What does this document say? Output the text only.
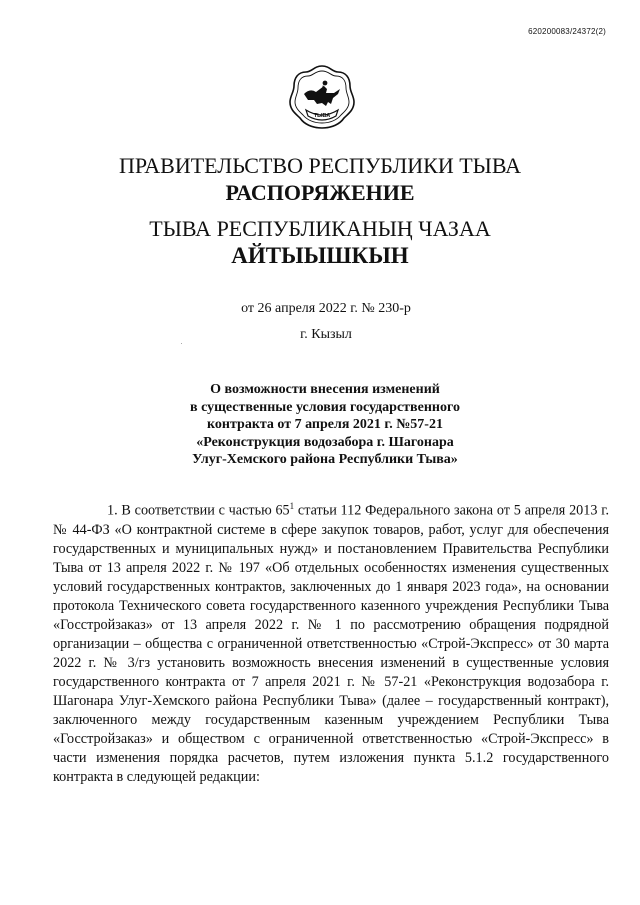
620200083/24372(2)
ТЫВА
ПРАВИТЕЛЬСТВО РЕСПУБЛИКИ ТЫВА
РАСПОРЯЖЕНИЕ
ТЫВА РЕСПУБЛИКАНЫҢ ЧАЗАА
АЙТЫЫШКЫН
от 26 апреля 2022 г. № 230-р
г. Кызыл
О возможности внесения изменений
в существенные условия государственного
контракта от 7 апреля 2021 г. №57-21
«Реконструкция водозабора г. Шагонара
Улуг-Хемского района Республики Тыва»

1. В соответствии с частью $65^1$ статьи 112 Федерального закона от 5 апреля 2013 г. № 44-ФЗ «О контрактной системе в сфере закупок товаров, работ, услуг для обеспечения государственных и муниципальных нужд» и постановлением Правительства Республики Тыва от 13 апреля 2022 г. № 197 «Об отдельных особенностях изменения существенных условий государственных контрактов, заключенных до 1 января 2023 года», на основании протокола Технического совета государственного казенного учреждения Республики Тыва «Госстройзаказ» от 13 апреля 2022 г. № 1 по рассмотрению обращения подрядной организации – общества с ограниченной ответственностью «Строй-Экспресс» от 30 марта 2022 г. № 3/гз установить возможность внесения изменений в существенные условия государственного контракта от 7 апреля 2021 г. № 57-21 «Реконструкция водозабора г. Шагонара Улуг-Хемского района Республики Тыва» (далее – государственный контракт), заключенного между государственным казенным учреждением Республики Тыва «Госстройзаказ» и обществом с ограниченной ответственностью «Строй-Экспресс» в части изменения порядка расчетов, путем изложения пункта 5.1.2 государственного контракта в следующей редакции:
